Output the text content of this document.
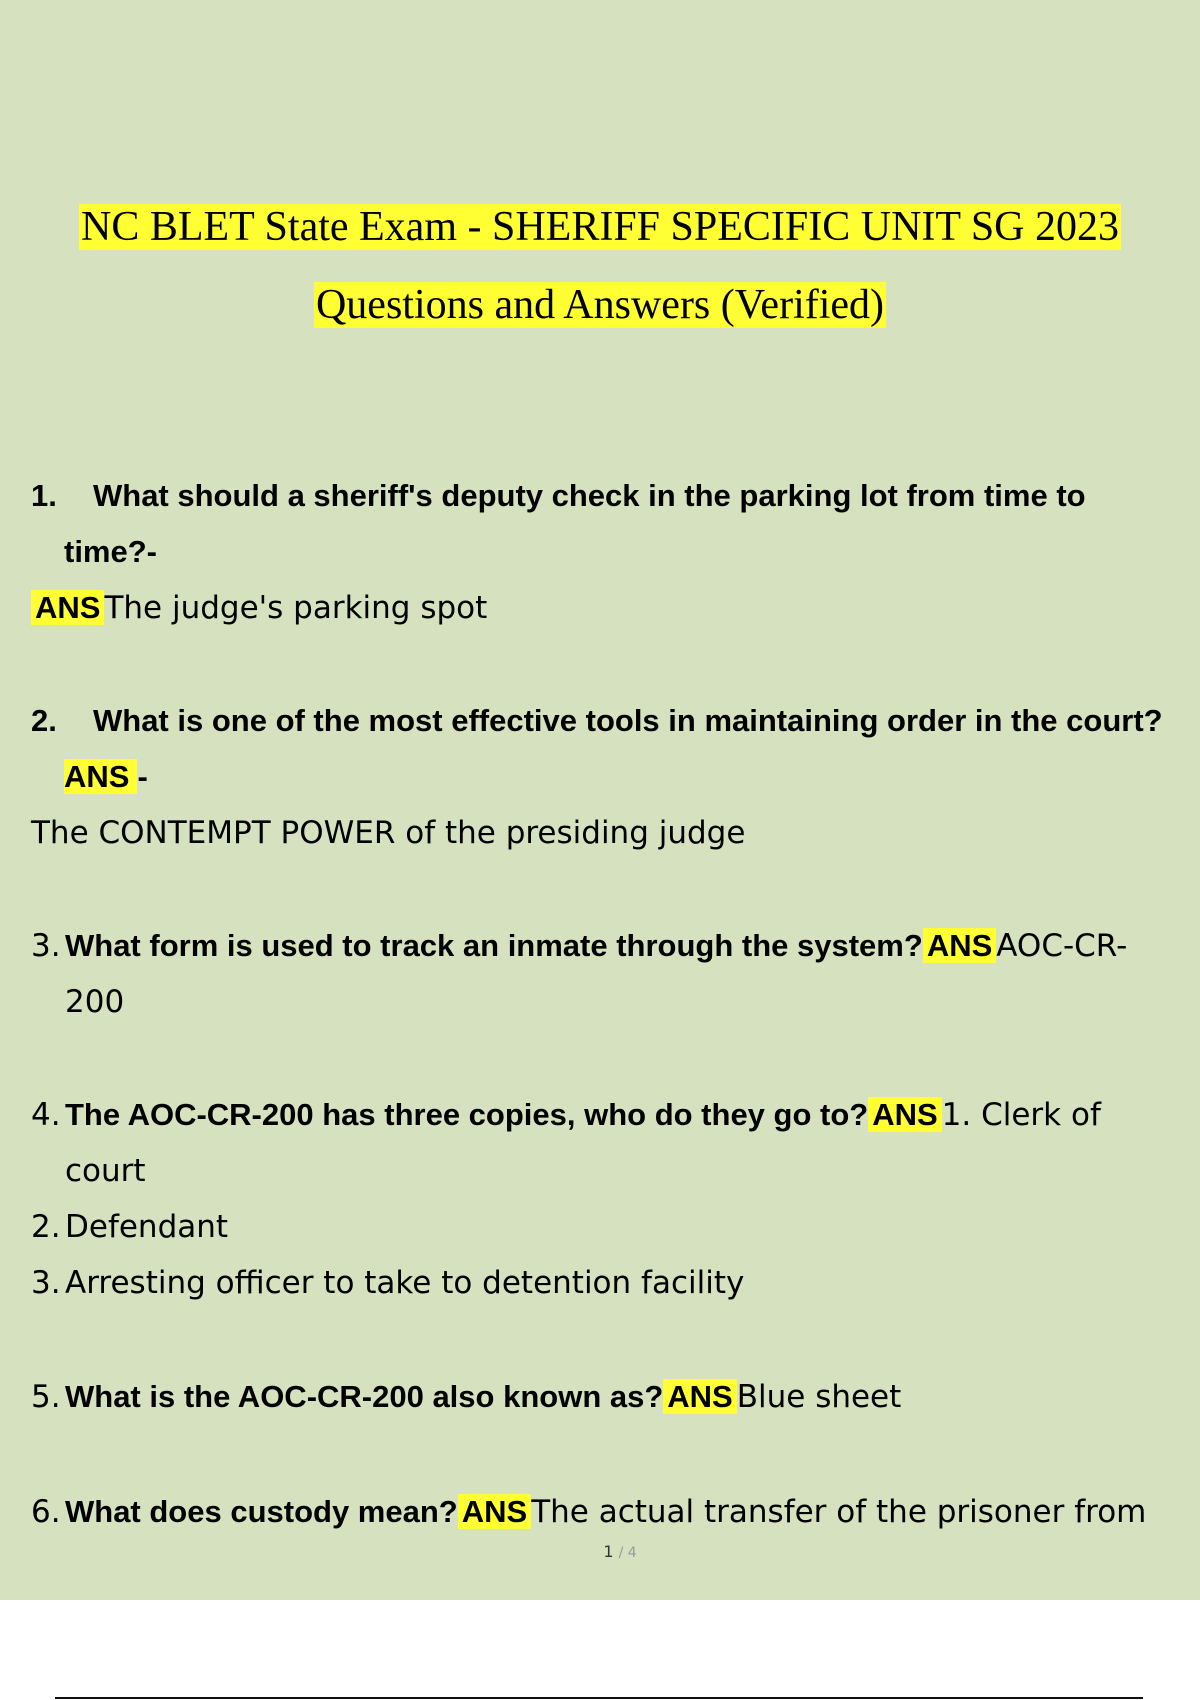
NC BLET State Exam - SHERIFF SPECIFIC UNIT SG 2023
Questions and Answers (Verified)
1. What should a sheriff's deputy check in the parking lot from time to
time?-
ANS The judge's parking spot
2. What is one of the most effective tools in maintaining order in the court?
ANS -
The CONTEMPT POWER of the presiding judge
3. What form is used to track an inmate through the system? ANS AOC-CR-
200
4. The AOC-CR-200 has three copies, who do they go to? ANS 1. Clerk of
court
2. Defendant
3. Arresting officer to take to detention facility
5. What is the AOC-CR-200 also known as? ANS Blue sheet
6. What does custody mean? ANS The actual transfer of the prisoner from
1 / 4
